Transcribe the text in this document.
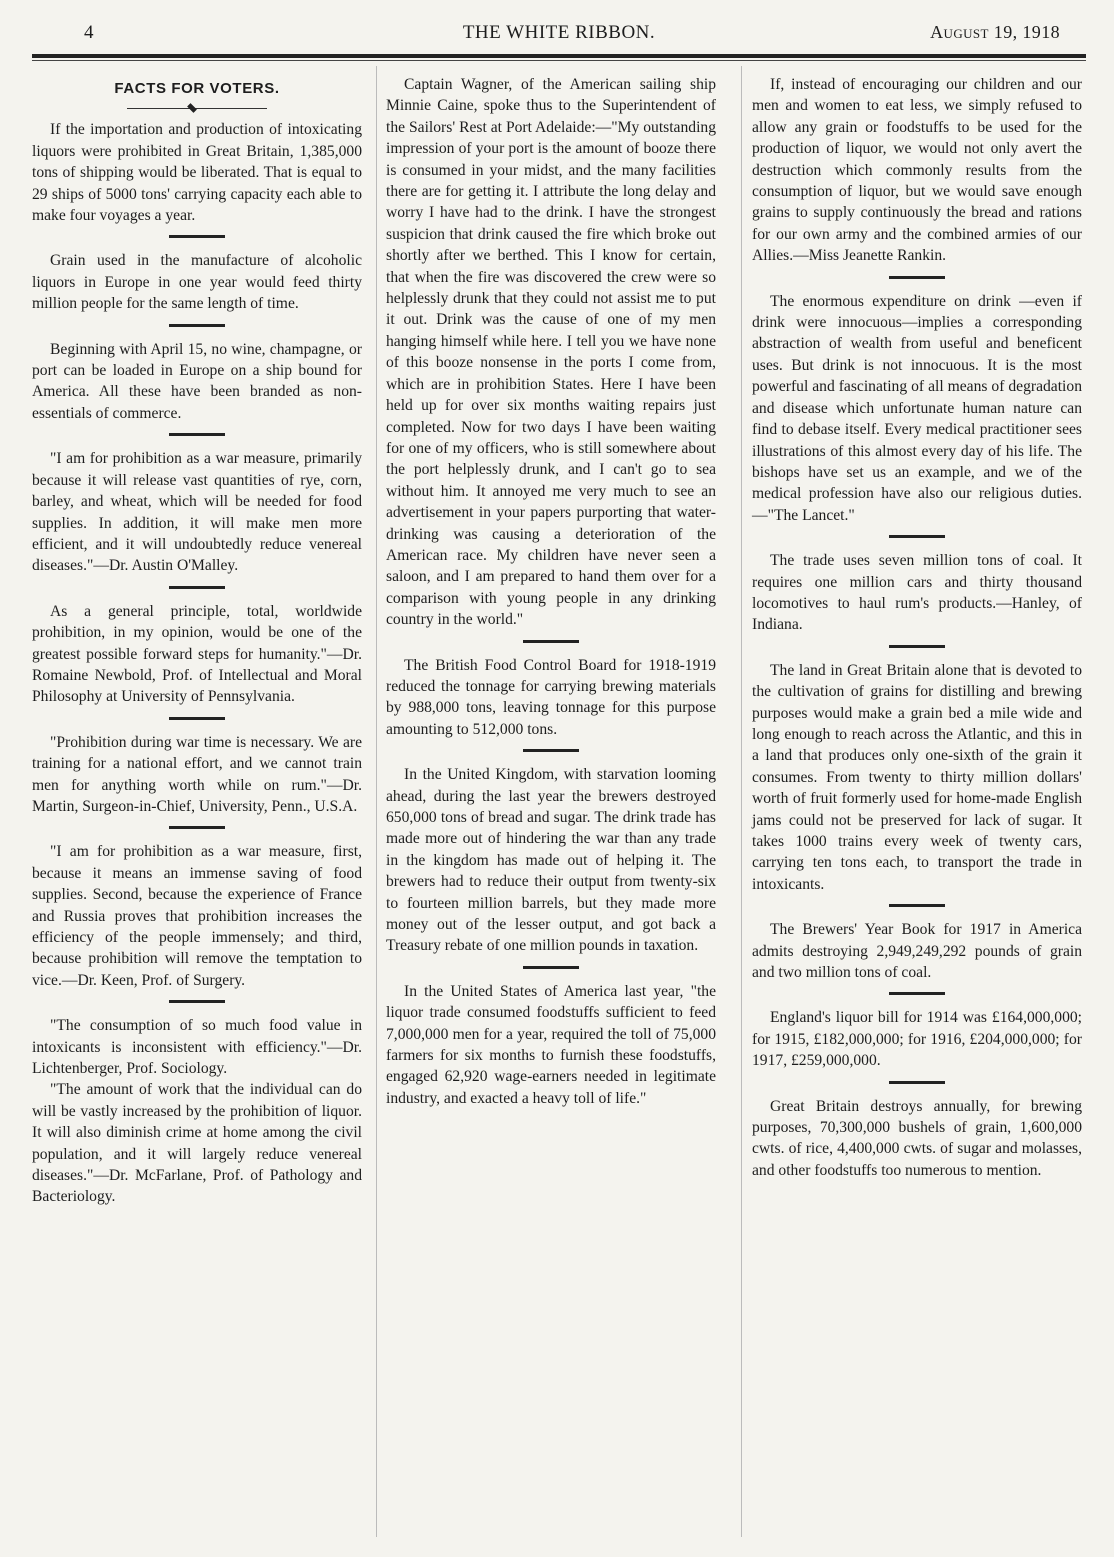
4	THE WHITE RIBBON.	August 19, 1918
FACTS FOR VOTERS.

If the importation and production of intoxicating liquors were prohibited in Great Britain, 1,385,000 tons of shipping would be liberated. That is equal to 29 ships of 5000 tons' carrying capacity each able to make four voyages a year.

Grain used in the manufacture of alcoholic liquors in Europe in one year would feed thirty million people for the same length of time.

Beginning with April 15, no wine, champagne, or port can be loaded in Europe on a ship bound for America. All these have been branded as non-essentials of commerce.

"I am for prohibition as a war measure, primarily because it will release vast quantities of rye, corn, barley, and wheat, which will be needed for food supplies. In addition, it will make men more efficient, and it will undoubtedly reduce venereal diseases."—Dr. Austin O'Malley.

As a general principle, total, worldwide prohibition, in my opinion, would be one of the greatest possible forward steps for humanity."—Dr. Romaine Newbold, Prof. of Intellectual and Moral Philosophy at University of Pennsylvania.

"Prohibition during war time is necessary. We are training for a national effort, and we cannot train men for anything worth while on rum."—Dr. Martin, Surgeon-in-Chief, University, Penn., U.S.A.

"I am for prohibition as a war measure, first, because it means an immense saving of food supplies. Second, because the experience of France and Russia proves that prohibition increases the efficiency of the people immensely; and third, because prohibition will remove the temptation to vice.—Dr. Keen, Prof. of Surgery.

"The consumption of so much food value in intoxicants is inconsistent with efficiency."—Dr. Lichtenberger, Prof. Sociology.

"The amount of work that the individual can do will be vastly increased by the prohibition of liquor. It will also diminish crime at home among the civil population, and it will largely reduce venereal diseases."—Dr. McFarlane, Prof. of Pathology and Bacteriology.

Captain Wagner, of the American sailing ship Minnie Caine, spoke thus to the Superintendent of the Sailors' Rest at Port Adelaide:—"My outstanding impression of your port is the amount of booze there is consumed in your midst, and the many facilities there are for getting it. I attribute the long delay and worry I have had to the drink. I have the strongest suspicion that drink caused the fire which broke out shortly after we berthed. This I know for certain, that when the fire was discovered the crew were so helplessly drunk that they could not assist me to put it out. Drink was the cause of one of my men hanging himself while here. I tell you we have none of this booze nonsense in the ports I come from, which are in prohibition States. Here I have been held up for over six months waiting repairs just completed. Now for two days I have been waiting for one of my officers, who is still somewhere about the port helplessly drunk, and I can't go to sea without him. It annoyed me very much to see an advertisement in your papers purporting that water-drinking was causing a deterioration of the American race. My children have never seen a saloon, and I am prepared to hand them over for a comparison with young people in any drinking country in the world."

The British Food Control Board for 1918-1919 reduced the tonnage for carrying brewing materials by 988,000 tons, leaving tonnage for this purpose amounting to 512,000 tons.

In the United Kingdom, with starvation looming ahead, during the last year the brewers destroyed 650,000 tons of bread and sugar. The drink trade has made more out of hindering the war than any trade in the kingdom has made out of helping it. The brewers had to reduce their output from twenty-six to fourteen million barrels, but they made more money out of the lesser output, and got back a Treasury rebate of one million pounds in taxation.

In the United States of America last year, "the liquor trade consumed foodstuffs sufficient to feed 7,000,000 men for a year, required the toll of 75,000 farmers for six months to furnish these foodstuffs, engaged 62,920 wage-earners needed in legitimate industry, and exacted a heavy toll of life."

If, instead of encouraging our children and our men and women to eat less, we simply refused to allow any grain or foodstuffs to be used for the production of liquor, we would not only avert the destruction which commonly results from the consumption of liquor, but we would save enough grains to supply continuously the bread and rations for our own army and the combined armies of our Allies.—Miss Jeanette Rankin.

The enormous expenditure on drink —even if drink were innocuous—implies a corresponding abstraction of wealth from useful and beneficent uses. But drink is not innocuous. It is the most powerful and fascinating of all means of degradation and disease which unfortunate human nature can find to debase itself. Every medical practitioner sees illustrations of this almost every day of his life. The bishops have set us an example, and we of the medical profession have also our religious duties.—"The Lancet."

The trade uses seven million tons of coal. It requires one million cars and thirty thousand locomotives to haul rum's products.—Hanley, of Indiana.

The land in Great Britain alone that is devoted to the cultivation of grains for distilling and brewing purposes would make a grain bed a mile wide and long enough to reach across the Atlantic, and this in a land that produces only one-sixth of the grain it consumes. From twenty to thirty million dollars' worth of fruit formerly used for home-made English jams could not be preserved for lack of sugar. It takes 1000 trains every week of twenty cars, carrying ten tons each, to transport the trade in intoxicants.

The Brewers' Year Book for 1917 in America admits destroying 2,949,249,292 pounds of grain and two million tons of coal.

England's liquor bill for 1914 was £164,000,000; for 1915, £182,000,000; for 1916, £204,000,000; for 1917, £259,000,000.

Great Britain destroys annually, for brewing purposes, 70,300,000 bushels of grain, 1,600,000 cwts. of rice, 4,400,000 cwts. of sugar and molasses, and other foodstuffs too numerous to mention.
